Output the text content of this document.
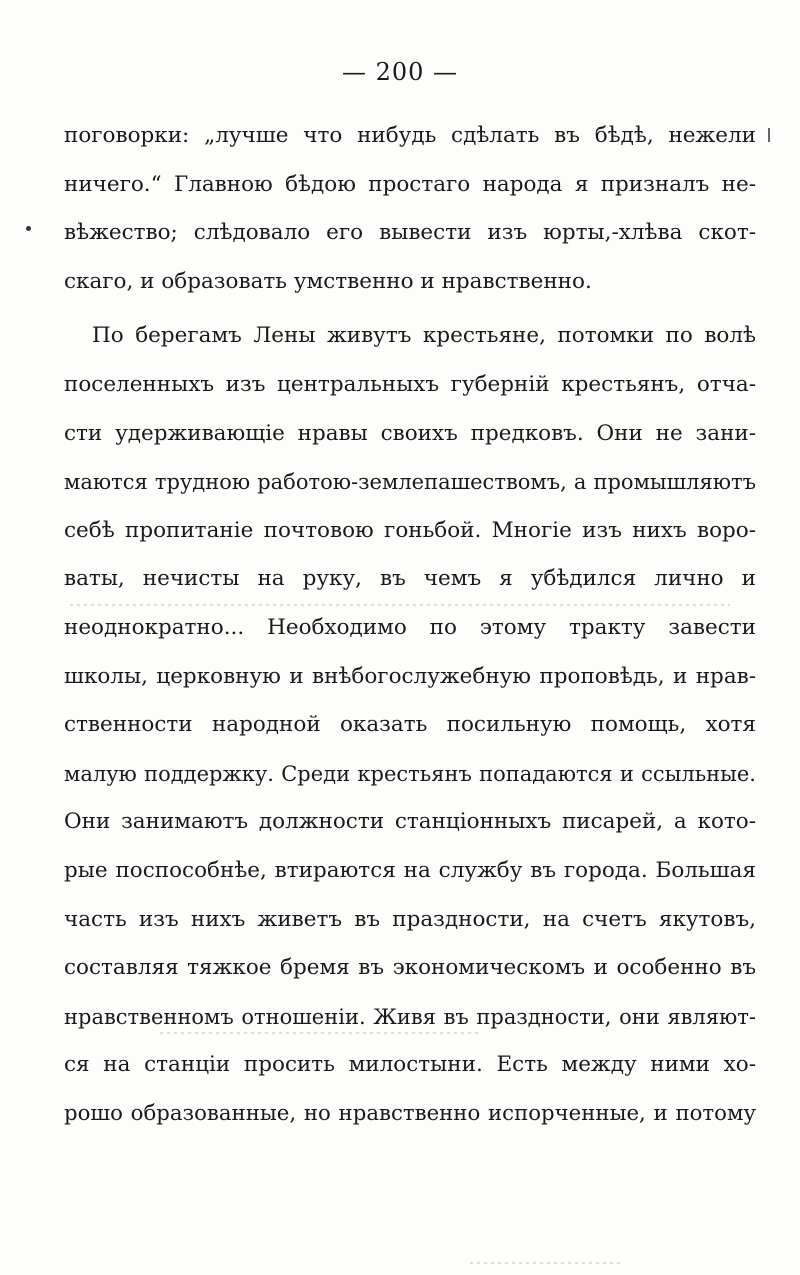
— 200 —
поговорки: „лучше что нибудь сдѣлать въ бѣдѣ, нежели
ничего.“ Главною бѣдою простаго народа я призналъ не-
вѣжество; слѣдовало его вывести изъ юрты,-хлѣва скот-
скаго, и образовать умственно и нравственно.
По берегамъ Лены живутъ крестьяне, потомки по волѣ
поселенныхъ изъ центральныхъ губерній крестьянъ, отча-
сти удерживающіе нравы своихъ предковъ. Они не зани-
маются трудною работою-землепашествомъ, а промышляютъ
себѣ пропитаніе почтовою гоньбой. Многіе изъ нихъ воро-
ваты, нечисты на руку, въ чемъ я убѣдился лично и
неоднократно... Необходимо по этому тракту завести
школы, церковную и внѣбогослужебную проповѣдь, и нрав-
ственности народной оказать посильную помощь, хотя
малую поддержку. Среди крестьянъ попадаются и ссыльные.
Они занимаютъ должности станціонныхъ писарей, а кото-
рые поспособнѣе, втираются на службу въ города. Большая
часть изъ нихъ живетъ въ праздности, на счетъ якутовъ,
составляя тяжкое бремя въ экономическомъ и особенно въ
нравственномъ отношеніи. Живя въ праздности, они являют-
ся на станціи просить милостыни. Есть между ними хо-
рошо образованные, но нравственно испорченные, и потому
